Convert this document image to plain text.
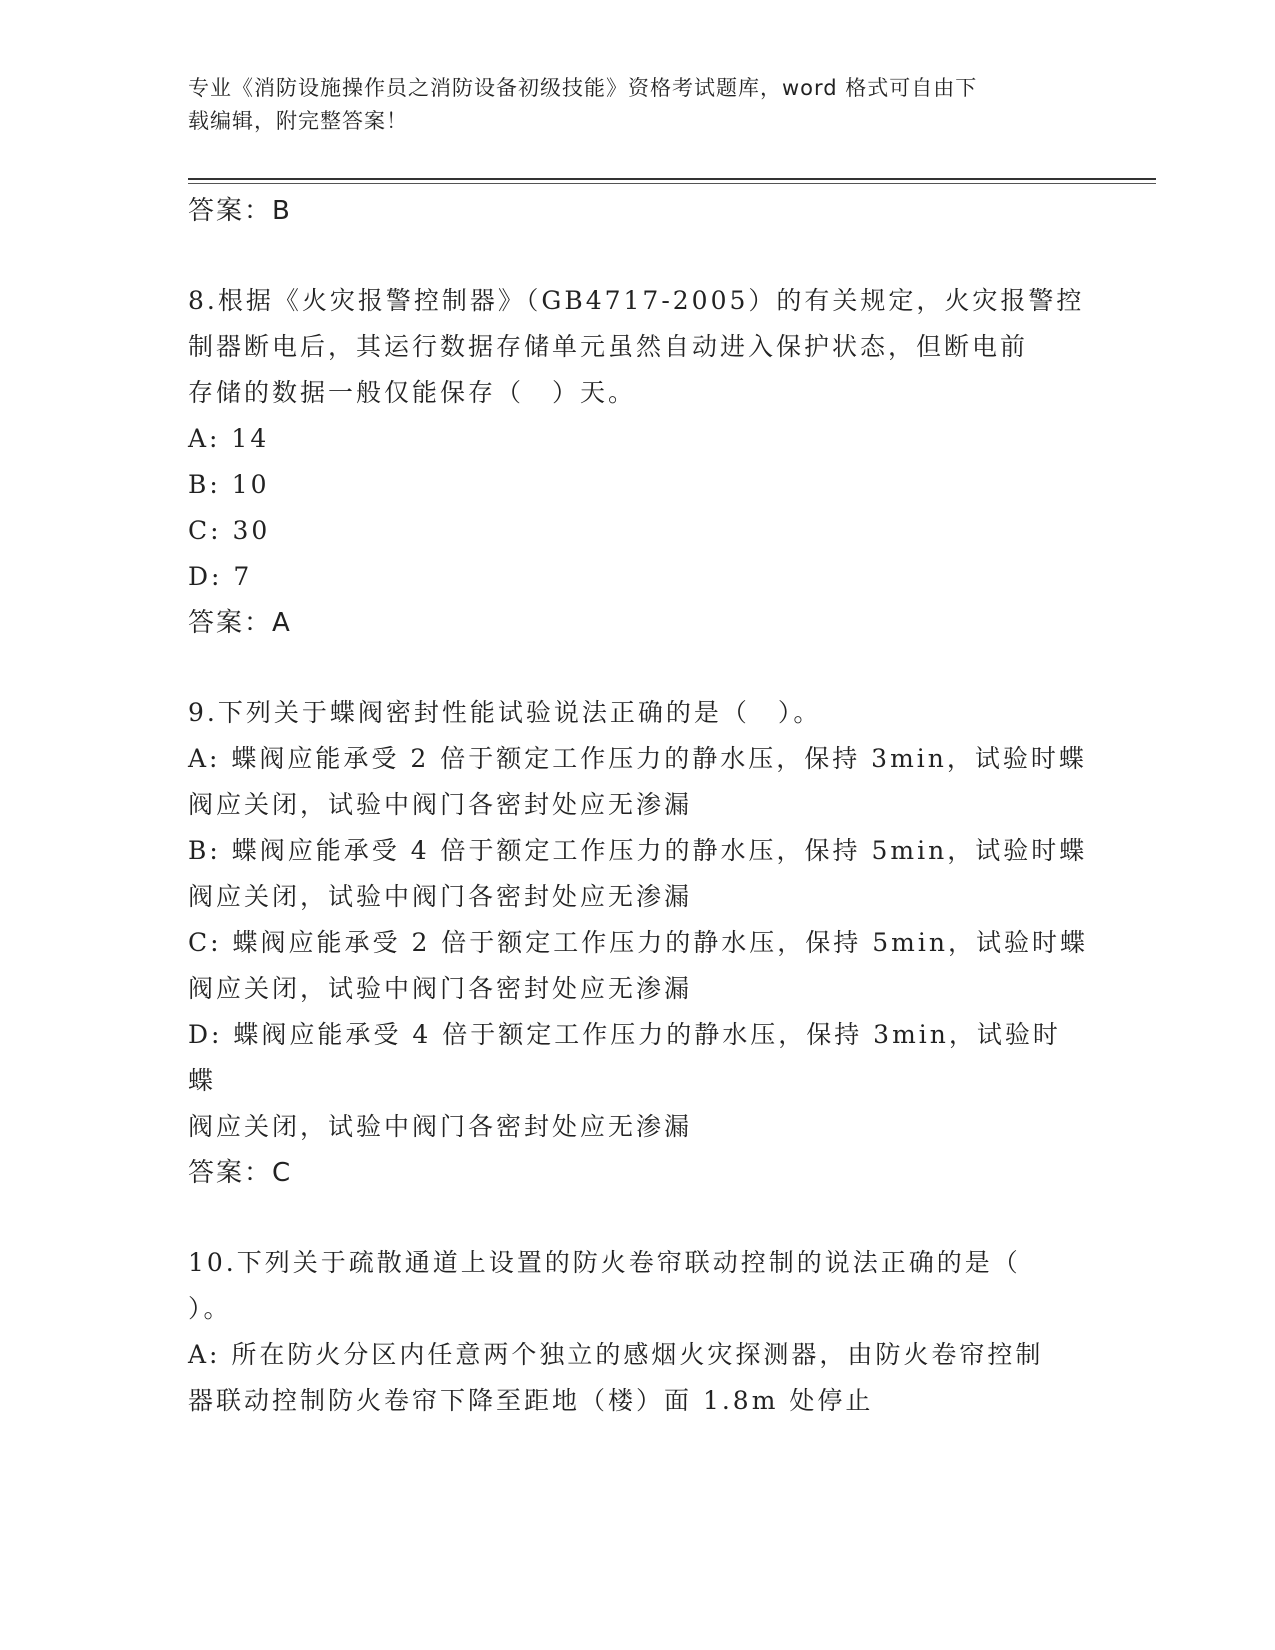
专业《消防设施操作员之消防设备初级技能》资格考试题库，word 格式可自由下
载编辑，附完整答案！

答案：B

8.根据《火灾报警控制器》（GB4717-2005）的有关规定，火灾报警控

制器断电后，其运行数据存储单元虽然自动进入保护状态，但断电前

存储的数据一般仅能保存（　）天。

A: 14

B: 10

C: 30

D: 7

答案：A

9.下列关于蝶阀密封性能试验说法正确的是（　）。

A: 蝶阀应能承受 2 倍于额定工作压力的静水压，保持 3min，试验时蝶

阀应关闭，试验中阀门各密封处应无渗漏

B: 蝶阀应能承受 4 倍于额定工作压力的静水压，保持 5min，试验时蝶

阀应关闭，试验中阀门各密封处应无渗漏

C: 蝶阀应能承受 2 倍于额定工作压力的静水压，保持 5min，试验时蝶

阀应关闭，试验中阀门各密封处应无渗漏

D: 蝶阀应能承受 4 倍于额定工作压力的静水压，保持 3min，试验时蝶

阀应关闭，试验中阀门各密封处应无渗漏

答案：C

10.下列关于疏散通道上设置的防火卷帘联动控制的说法正确的是（

）。

A: 所在防火分区内任意两个独立的感烟火灾探测器，由防火卷帘控制

器联动控制防火卷帘下降至距地（楼）面 1.8m 处停止
